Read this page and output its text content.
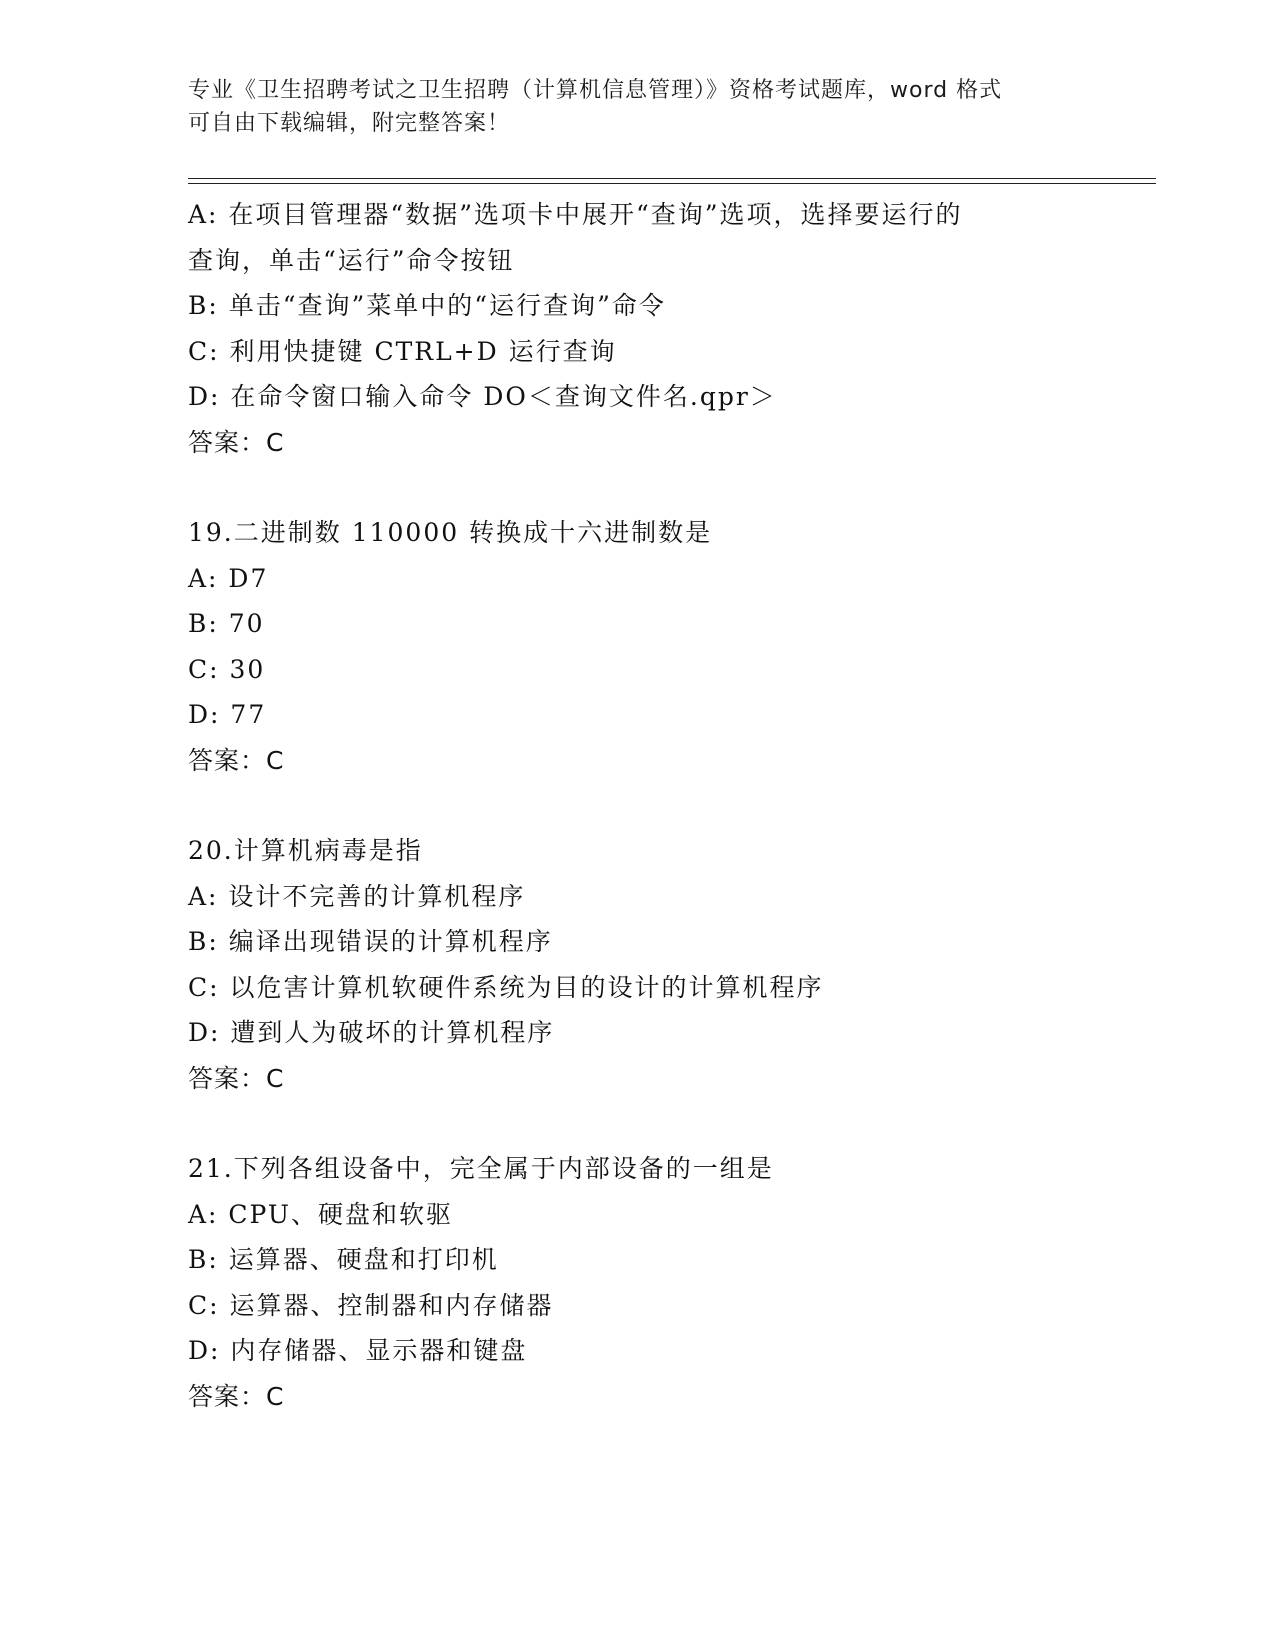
专业《卫生招聘考试之卫生招聘（计算机信息管理）》资格考试题库，word 格式
可自由下载编辑，附完整答案！
A: 在项目管理器“数据”选项卡中展开“查询”选项，选择要运行的
查询，单击“运行”命令按钮
B: 单击“查询”菜单中的“运行查询”命令
C: 利用快捷键 CTRL+D 运行查询
D: 在命令窗口输入命令 DO＜查询文件名.qpr＞
答案：C
19.二进制数 110000 转换成十六进制数是
A: D7
B: 70
C: 30
D: 77
答案：C
20.计算机病毒是指
A: 设计不完善的计算机程序
B: 编译出现错误的计算机程序
C: 以危害计算机软硬件系统为目的设计的计算机程序
D: 遭到人为破坏的计算机程序
答案：C
21.下列各组设备中，完全属于内部设备的一组是
A: CPU、硬盘和软驱
B: 运算器、硬盘和打印机
C: 运算器、控制器和内存储器
D: 内存储器、显示器和键盘
答案：C
